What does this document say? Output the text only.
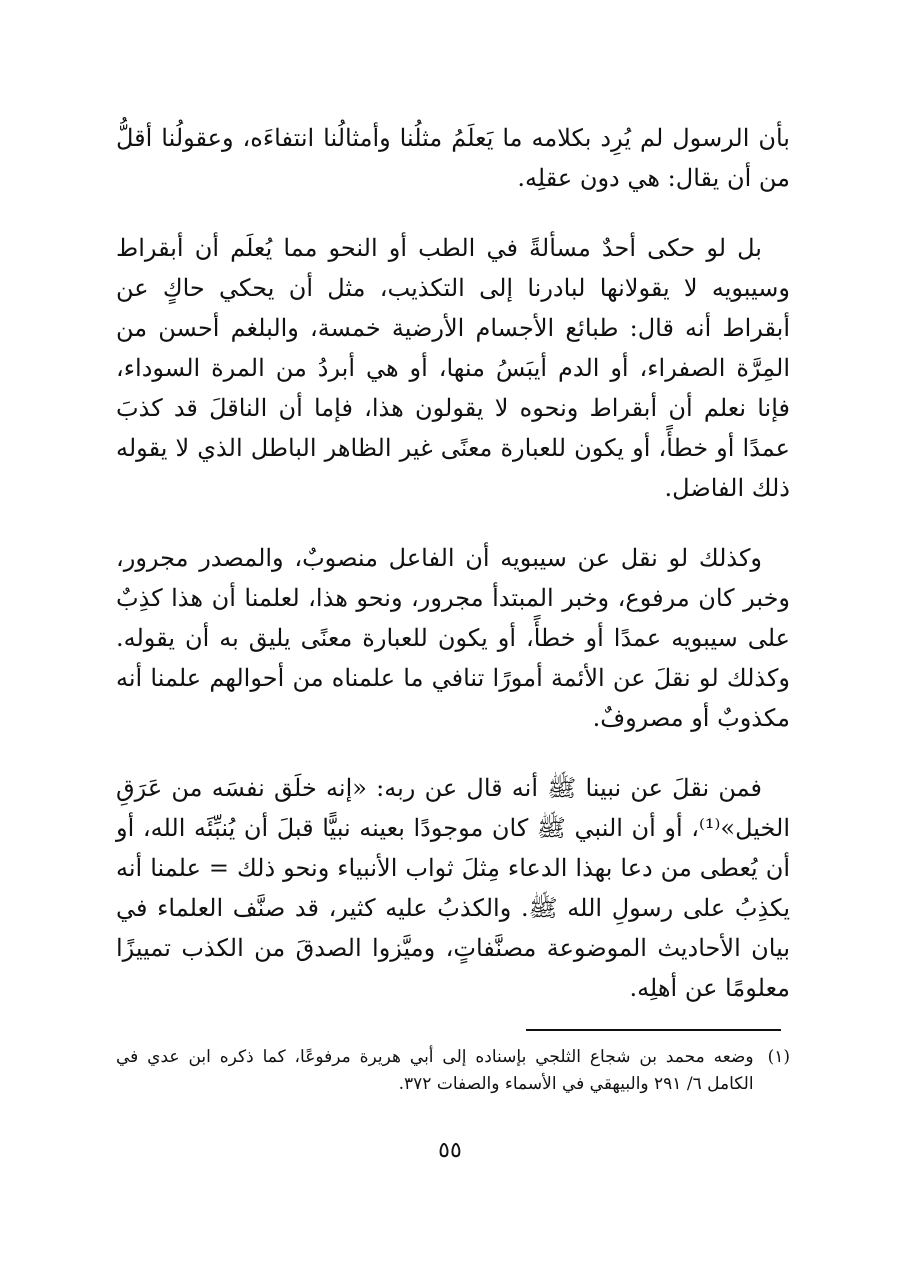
بأن الرسول لم يُرِد بكلامه ما يَعلَمُ مثلُنا وأمثالُنا انتفاءَه، وعقولُنا أقلُّ من أن يقال: هي دون عقلِه.

بل لو حكى أحدٌ مسألةً في الطب أو النحو مما يُعلَم أن أبقراط وسيبويه لا يقولانها لبادرنا إلى التكذيب، مثل أن يحكي حاكٍ عن أبقراط أنه قال: طبائع الأجسام الأرضية خمسة، والبلغم أحسن من المِرَّة الصفراء، أو الدم أيبَسُ منها، أو هي أبردُ من المرة السوداء، فإنا نعلم أن أبقراط ونحوه لا يقولون هذا، فإما أن الناقلَ قد كذبَ عمدًا أو خطأً، أو يكون للعبارة معنًى غير الظاهر الباطل الذي لا يقوله ذلك الفاضل.

وكذلك لو نقل عن سيبويه أن الفاعل منصوبٌ، والمصدر مجرور، وخبر كان مرفوع، وخبر المبتدأ مجرور، ونحو هذا، لعلمنا أن هذا كذِبٌ على سيبويه عمدًا أو خطأً، أو يكون للعبارة معنًى يليق به أن يقوله. وكذلك لو نقلَ عن الأئمة أمورًا تنافي ما علمناه من أحوالهم علمنا أنه مكذوبٌ أو مصروفٌ.

فمن نقلَ عن نبينا ﷺ أنه قال عن ربه: «إنه خلَق نفسَه من عَرَقِ الخيل»⁽¹⁾، أو أن النبي ﷺ كان موجودًا بعينه نبيًّا قبلَ أن يُنبِّئَه الله، أو أن يُعطى من دعا بهذا الدعاء مِثلَ ثواب الأنبياء ونحو ذلك = علمنا أنه يكذِبُ على رسولِ الله ﷺ. والكذبُ عليه كثير، قد صنَّف العلماء في بيان الأحاديث الموضوعة مصنَّفاتٍ، وميَّزوا الصدقَ من الكذب تمييزًا معلومًا عن أهلِه.

(١)
وضعه محمد بن شجاع الثلجي بإسناده إلى أبي هريرة مرفوعًا، كما ذكره ابن عدي في الكامل ٦/ ٢٩١ والبيهقي في الأسماء والصفات ٣٧٢.
٥٥
